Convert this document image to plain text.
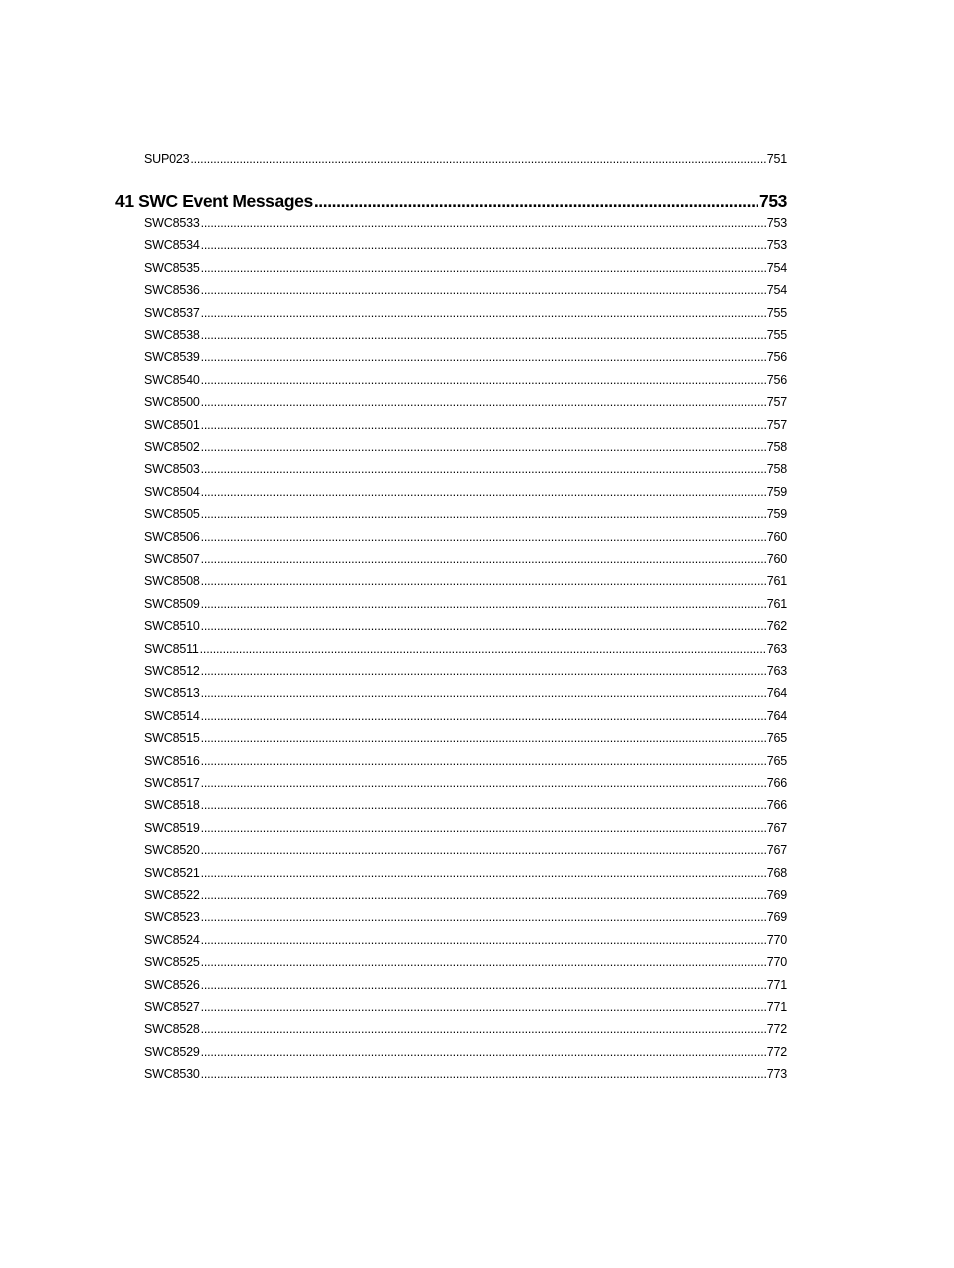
SUP023 .....	751
41 SWC Event Messages .....	753
SWC8533 .....	753
SWC8534 .....	753
SWC8535 .....	754
SWC8536 .....	754
SWC8537 .....	755
SWC8538 .....	755
SWC8539 .....	756
SWC8540 .....	756
SWC8500 .....	757
SWC8501 .....	757
SWC8502 .....	758
SWC8503 .....	758
SWC8504 .....	759
SWC8505 .....	759
SWC8506 .....	760
SWC8507 .....	760
SWC8508 .....	761
SWC8509 .....	761
SWC8510 .....	762
SWC8511 .....	763
SWC8512 .....	763
SWC8513 .....	764
SWC8514 .....	764
SWC8515 .....	765
SWC8516 .....	765
SWC8517 .....	766
SWC8518 .....	766
SWC8519 .....	767
SWC8520 .....	767
SWC8521 .....	768
SWC8522 .....	769
SWC8523 .....	769
SWC8524 .....	770
SWC8525 .....	770
SWC8526 .....	771
SWC8527 .....	771
SWC8528 .....	772
SWC8529 .....	772
SWC8530 .....	773
